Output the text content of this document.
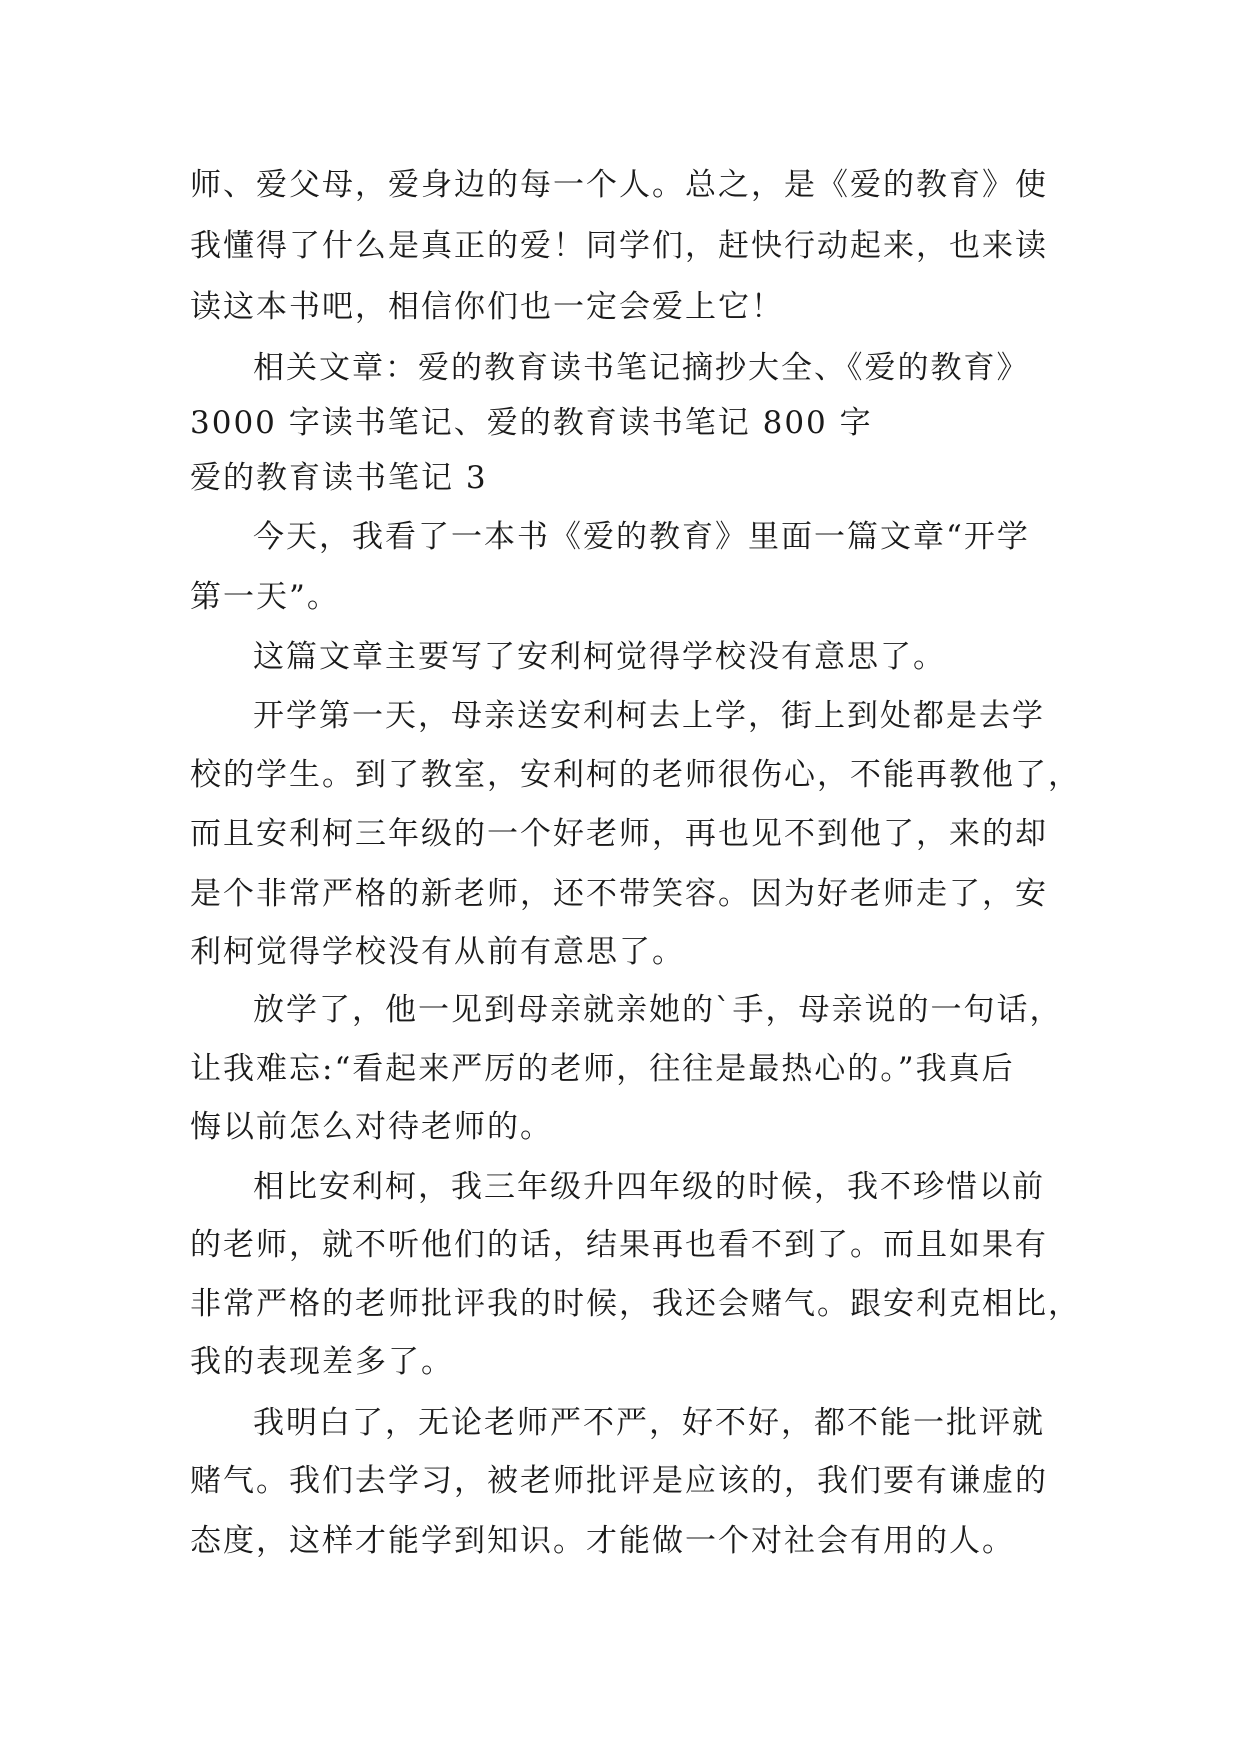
师、爱父母，爱身边的每一个人。总之，是《爱的教育》使
我懂得了什么是真正的爱！同学们，赶快行动起来，也来读
读这本书吧，相信你们也一定会爱上它！
相关文章：爱的教育读书笔记摘抄大全、《爱的教育》
3000 字读书笔记、爱的教育读书笔记 800 字
爱的教育读书笔记 3
今天，我看了一本书《爱的教育》里面一篇文章“开学
第一天”。
这篇文章主要写了安利柯觉得学校没有意思了。
开学第一天，母亲送安利柯去上学，街上到处都是去学
校的学生。到了教室，安利柯的老师很伤心，不能再教他了，
而且安利柯三年级的一个好老师，再也见不到他了，来的却
是个非常严格的新老师，还不带笑容。因为好老师走了，安
利柯觉得学校没有从前有意思了。
放学了，他一见到母亲就亲她的`手，母亲说的一句话，
让我难忘:“看起来严厉的老师，往往是最热心的。”我真后
悔以前怎么对待老师的。
相比安利柯，我三年级升四年级的时候，我不珍惜以前
的老师，就不听他们的话，结果再也看不到了。而且如果有
非常严格的老师批评我的时候，我还会赌气。跟安利克相比，
我的表现差多了。
我明白了，无论老师严不严，好不好，都不能一批评就
赌气。我们去学习，被老师批评是应该的，我们要有谦虚的
态度，这样才能学到知识。才能做一个对社会有用的人。
